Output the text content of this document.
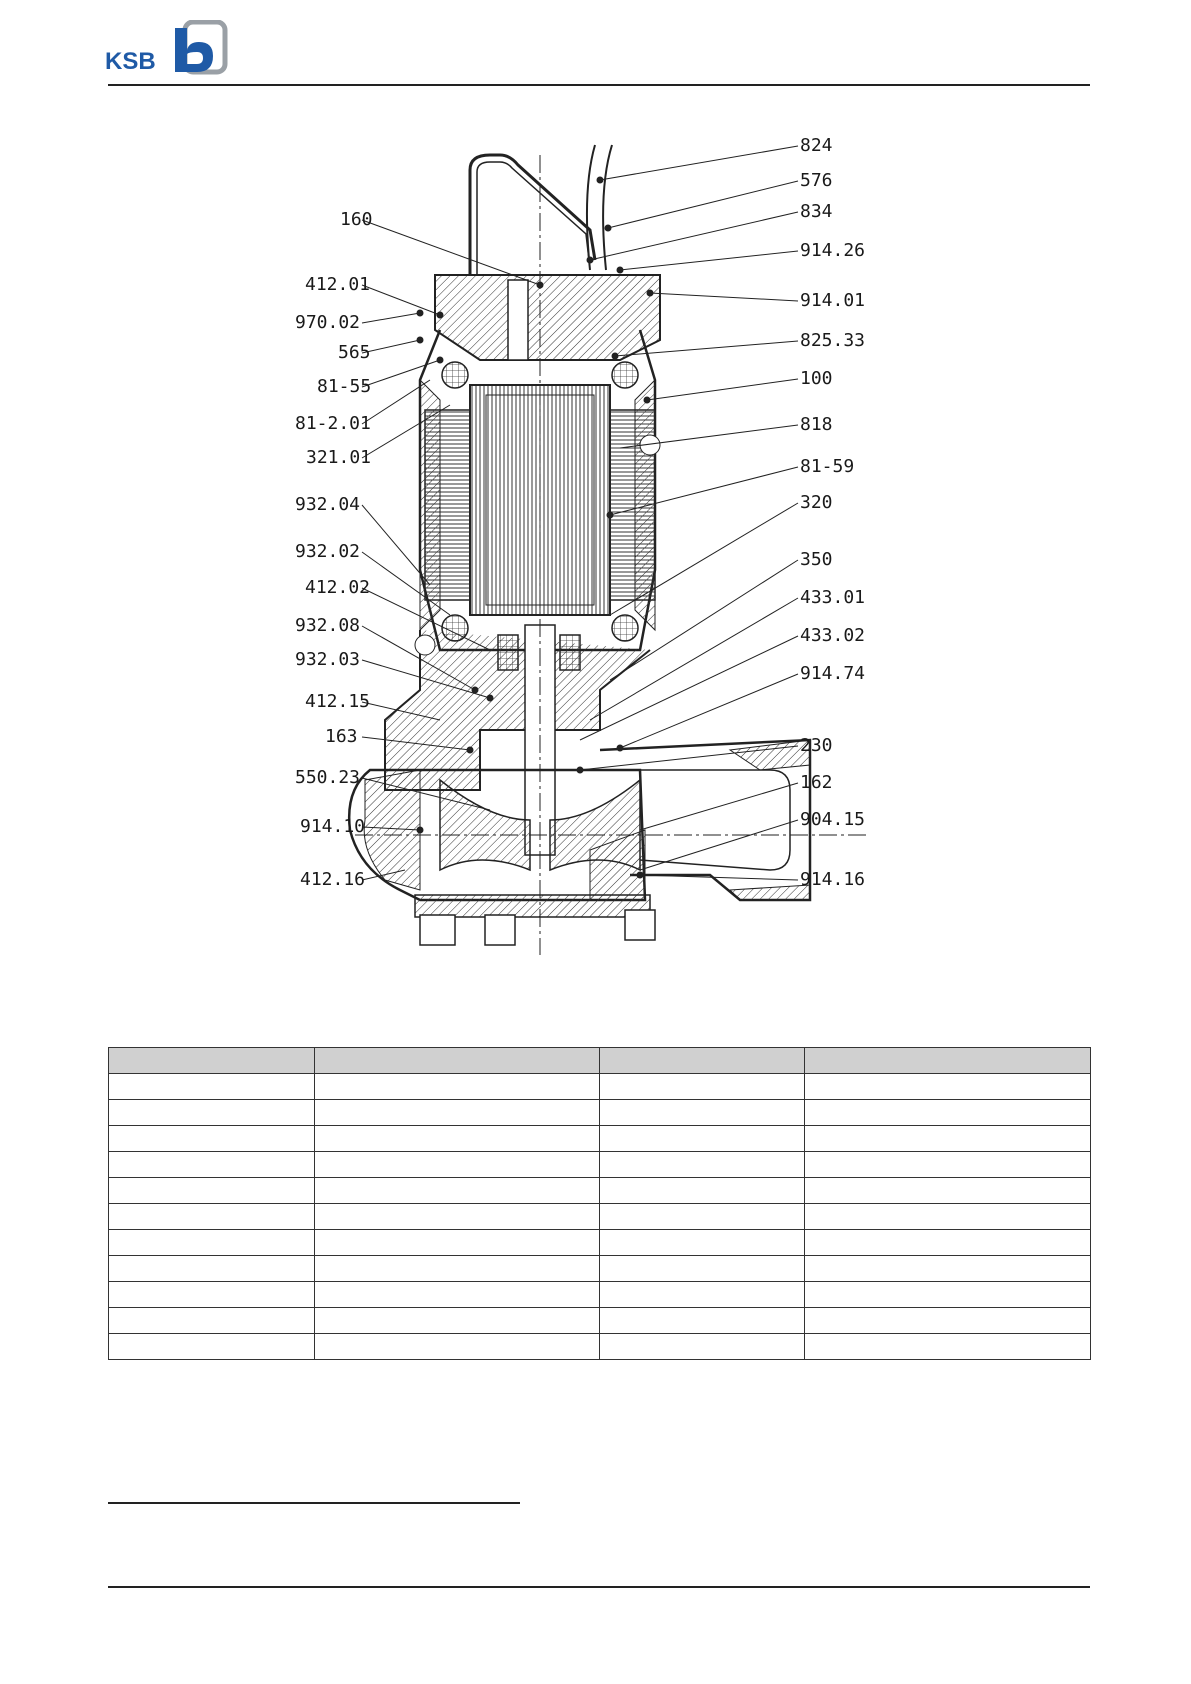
KSB
160
412.01
970.02
565
81-55
81-2.01
321.01
932.04
932.02
412.02
932.08
932.03
412.15
163
550.23
914.10
412.16
824
576
834
914.26
914.01
825.33
100
818
81-59
320
350
433.01
433.02
914.74
230
162
904.15
914.16
